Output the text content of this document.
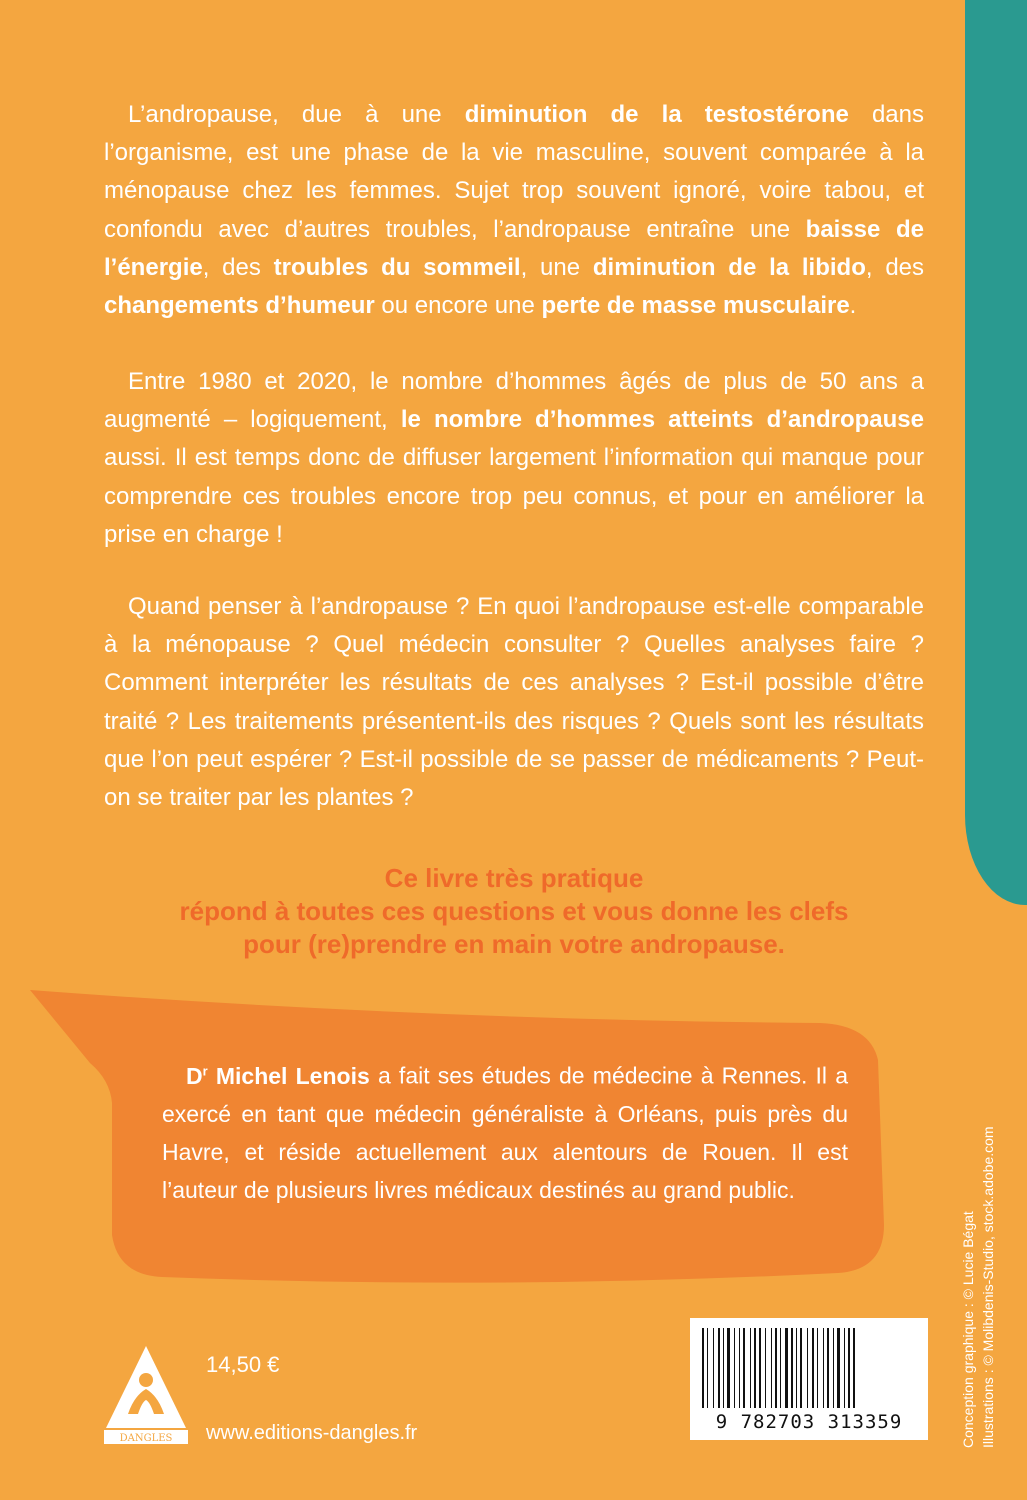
L’andropause, due à une diminution de la testostérone dans l’organisme, est une phase de la vie masculine, souvent comparée à la ménopause chez les femmes. Sujet trop souvent ignoré, voire tabou, et confondu avec d’autres troubles, l’andropause entraîne une baisse de l’énergie, des troubles du sommeil, une diminution de la libido, des changements d’humeur ou encore une perte de masse musculaire.

Entre 1980 et 2020, le nombre d’hommes âgés de plus de 50 ans a augmenté – logiquement, le nombre d’hommes atteints d’andropause aussi. Il est temps donc de diffuser largement l’information qui manque pour comprendre ces troubles encore trop peu connus, et pour en améliorer la prise en charge !

Quand penser à l’andropause ? En quoi l’andropause est-elle comparable à la ménopause ? Quel médecin consulter ? Quelles analyses faire ? Comment interpréter les résultats de ces analyses ? Est-il possible d’être traité ? Les traitements présentent-ils des risques ? Quels sont les résultats que l’on peut espérer ? Est-il possible de se passer de médicaments ? Peut-on se traiter par les plantes ?

Ce livre très pratique
répond à toutes ces questions et vous donne les clefs
pour (re)prendre en main votre andropause.

$D^r$ Michel Lenois a fait ses études de médecine à Rennes. Il a exercé en tant que médecin généraliste à Orléans, puis près du Havre, et réside actuellement aux alentours de Rouen. Il est l’auteur de plusieurs livres médicaux destinés au grand public.

Conception graphique : © Lucie Bégat Illustrations : © Molibdenis-Studio, stock.adobe.com
DANGLES
14,50 €
www.editions-dangles.fr	9 782703 313359
